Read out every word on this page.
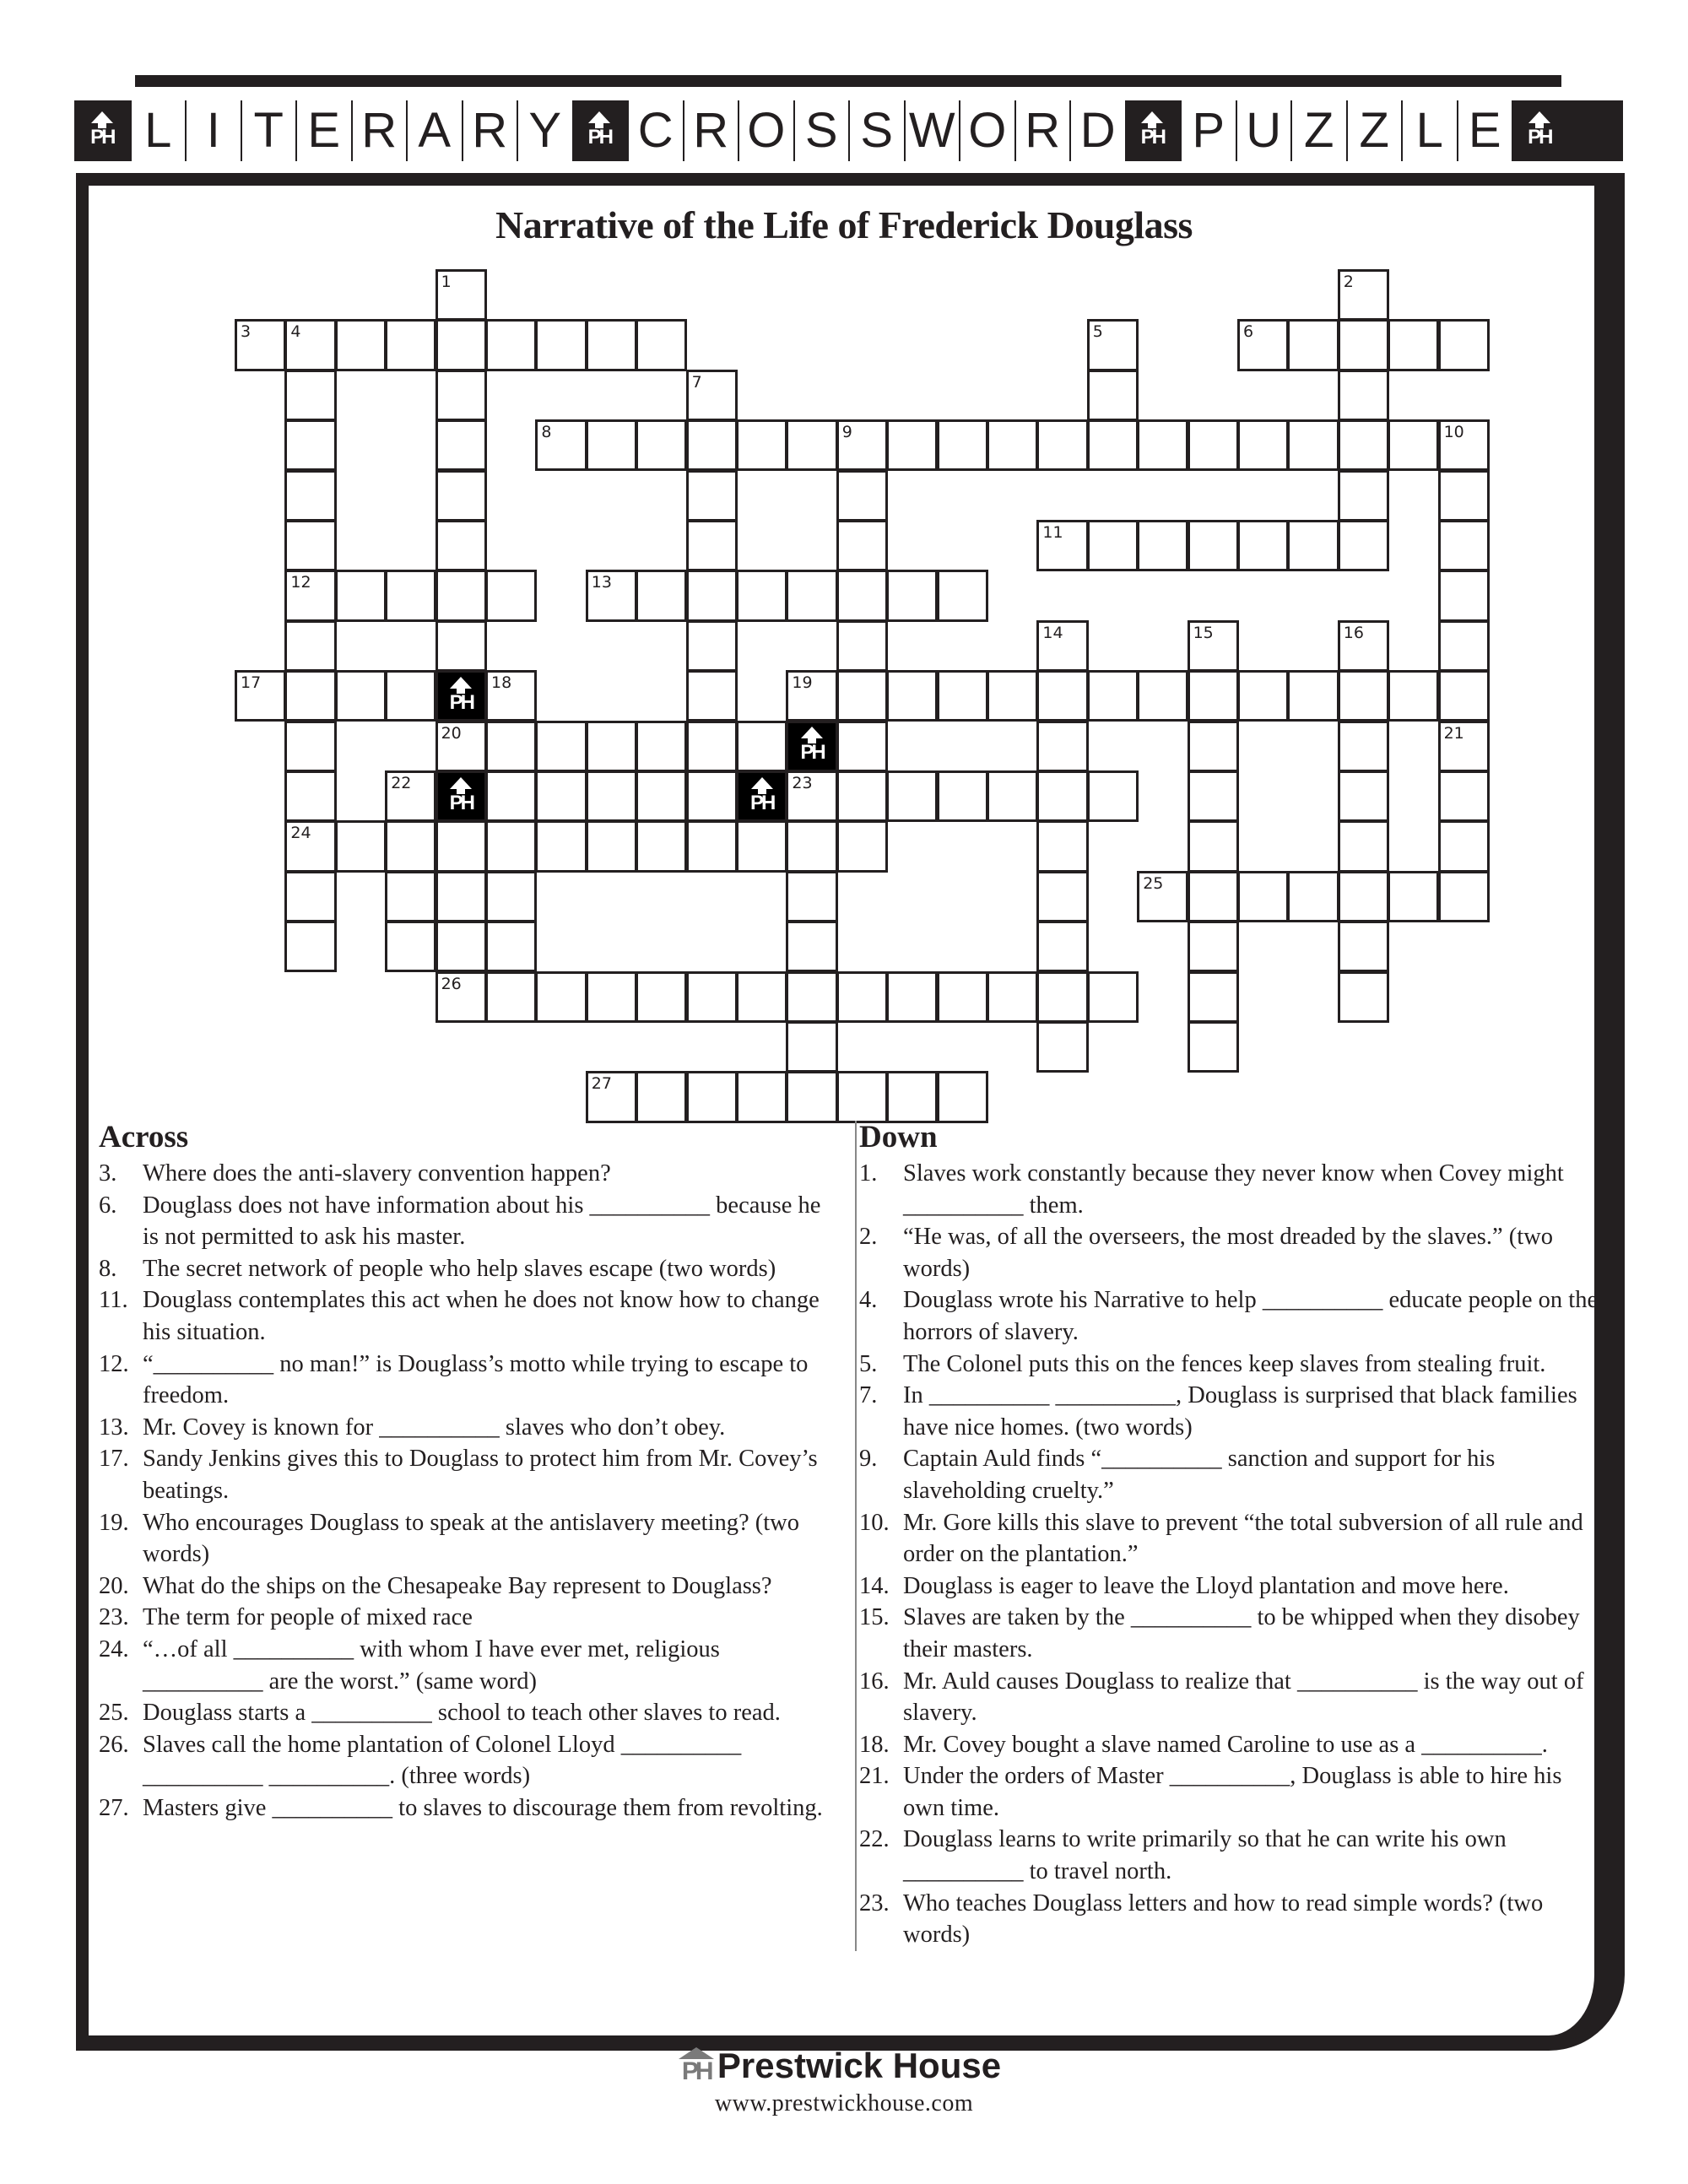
PH L I T E R A R Y	PH C R O S S W O R D	PH P U Z Z L E	PH
Narrative of the Life of Frederick Douglass
1	2
3 4	5	6
7
8	9	10
11
12	13
14	15	16
17
PH
18	19
20
PH
21
22
PH	PH
23
24
25
26
27
Across
3.	Where does the anti-slavery convention happen?
6.	Douglass does not have information about his __________ because he is not permitted to ask his master.
8.	The secret network of people who help slaves escape (two words)
11. Douglass contemplates this act when he does not know how to change his situation.
12. “__________ no man!” is Douglass’s motto while trying to escape to freedom.
13. Mr. Covey is known for __________ slaves who don’t obey.
17. Sandy Jenkins gives this to Douglass to protect him from Mr. Covey’s beatings.
19. Who encourages Douglass to speak at the antislavery meeting? (two words)
20. What do the ships on the Chesapeake Bay represent to Douglass?
23. The term for people of mixed race
24. “…of all __________ with whom I have ever met, religious __________ are the worst.” (same word)
25. Douglass starts a __________ school to teach other slaves to read.
26. Slaves call the home plantation of Colonel Lloyd __________ __________ __________. (three words)
27. Masters give __________ to slaves to discourage them from revolting.
Down
1.	Slaves work constantly because they never know when Covey might __________ them.
2.	“He was, of all the overseers, the most dreaded by the slaves.” (two words)
4.	Douglass wrote his Narrative to help __________ educate people on the horrors of slavery.
5.	The Colonel puts this on the fences keep slaves from stealing fruit.
7.	In __________ __________, Douglass is surprised that black families have nice homes. (two words)
9.	Captain Auld finds “__________ sanction and support for his slaveholding cruelty.”
10. Mr. Gore kills this slave to prevent “the total subversion of all rule and order on the plantation.”
14. Douglass is eager to leave the Lloyd plantation and move here.
15. Slaves are taken by the __________ to be whipped when they disobey their masters.
16. Mr. Auld causes Douglass to realize that __________ is the way out of slavery.
18. Mr. Covey bought a slave named Caroline to use as a __________.
21. Under the orders of Master __________, Douglass is able to hire his own time.
22. Douglass learns to write primarily so that he can write his own __________ to travel north.
23. Who teaches Douglass letters and how to read simple words? (two words)
PH Prestwick House
www.prestwickhouse.com
